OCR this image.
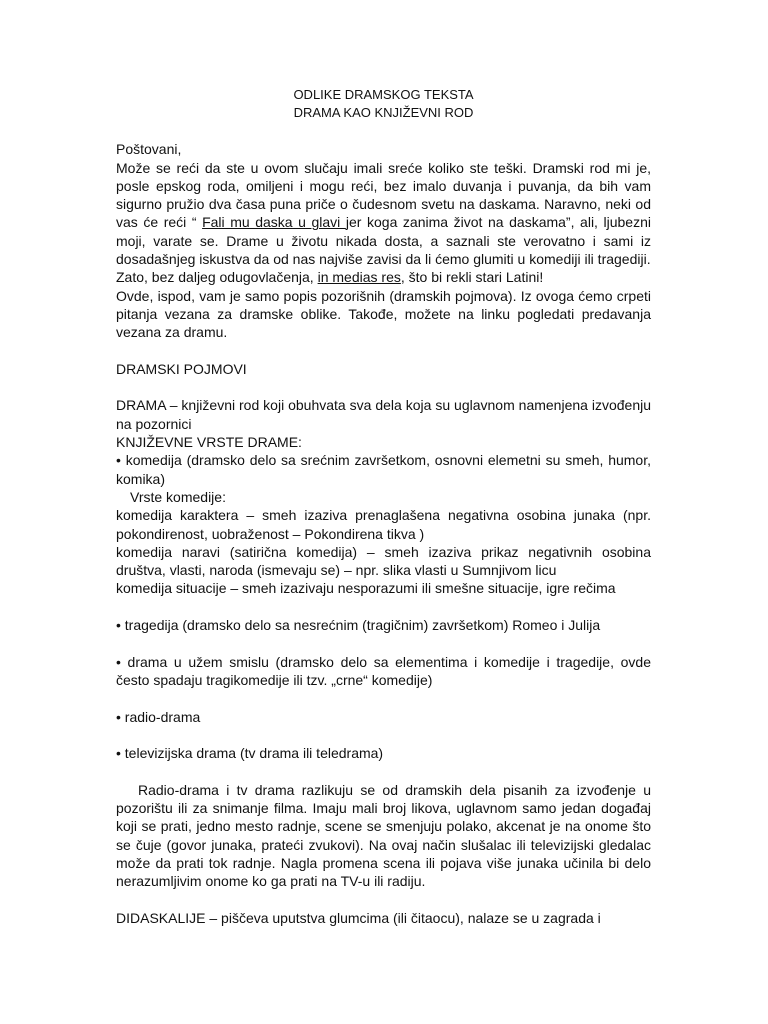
ODLIKE DRAMSKOG TEKSTA
DRAMA KAO KNJIŽEVNI ROD

Poštovani,

Može se reći da ste u ovom slučaju imali sreće koliko ste teški. Dramski rod mi je, posle epskog roda, omiljeni i mogu reći, bez imalo duvanja i puvanja, da bih vam sigurno pružio dva časa puna priče o čudesnom svetu na daskama. Naravno, neki od vas će reći “ Fali mu daska u glavi jer koga zanima život na daskama”, ali, ljubezni moji, varate se. Drame u životu nikada dosta, a saznali ste verovatno i sami iz dosadašnjeg iskustva da od nas najviše zavisi da li ćemo glumiti u komediji ili tragediji.

Zato, bez daljeg odugovlačenja, in medias res, što bi rekli stari Latini!

Ovde, ispod, vam je samo popis pozorišnih (dramskih pojmova). Iz ovoga ćemo crpeti pitanja vezana za dramske oblike. Takođe, možete na linku pogledati predavanja vezana za dramu.

DRAMSKI POJMOVI

DRAMA – književni rod koji obuhvata sva dela koja su uglavnom namenjena izvođenju na pozornici

KNJIŽEVNE VRSTE DRAME:

• komedija (dramsko delo sa srećnim završetkom, osnovni elemetni su smeh, humor, komika)

Vrste komedije:

komedija karaktera – smeh izaziva prenaglašena negativna osobina junaka (npr. pokondirenost, uobraženost – Pokondirena tikva )

komedija naravi (satirična komedija) – smeh izaziva prikaz negativnih osobina društva, vlasti, naroda (ismevaju se) – npr. slika vlasti u Sumnjivom licu

komedija situacije – smeh izazivaju nesporazumi ili smešne situacije, igre rečima

• tragedija (dramsko delo sa nesrećnim (tragičnim) završetkom) Romeo i Julija

• drama u užem smislu (dramsko delo sa elementima i komedije i tragedije, ovde često spadaju tragikomedije ili tzv. „crne“ komedije)

• radio-drama

• televizijska drama (tv drama ili teledrama)

Radio-drama i tv drama razlikuju se od dramskih dela pisanih za izvođenje u pozorištu ili za snimanje filma. Imaju mali broj likova, uglavnom samo jedan događaj koji se prati, jedno mesto radnje, scene se smenjuju polako, akcenat je na onome što se čuje (govor junaka, prateći zvukovi). Na ovaj način slušalac ili televizijski gledalac može da prati tok radnje. Nagla promena scena ili pojava više junaka učinila bi delo nerazumljivim onome ko ga prati na TV-u ili radiju.

DIDASKALIJE – piščeva uputstva glumcima (ili čitaocu), nalaze se u zagrada i
